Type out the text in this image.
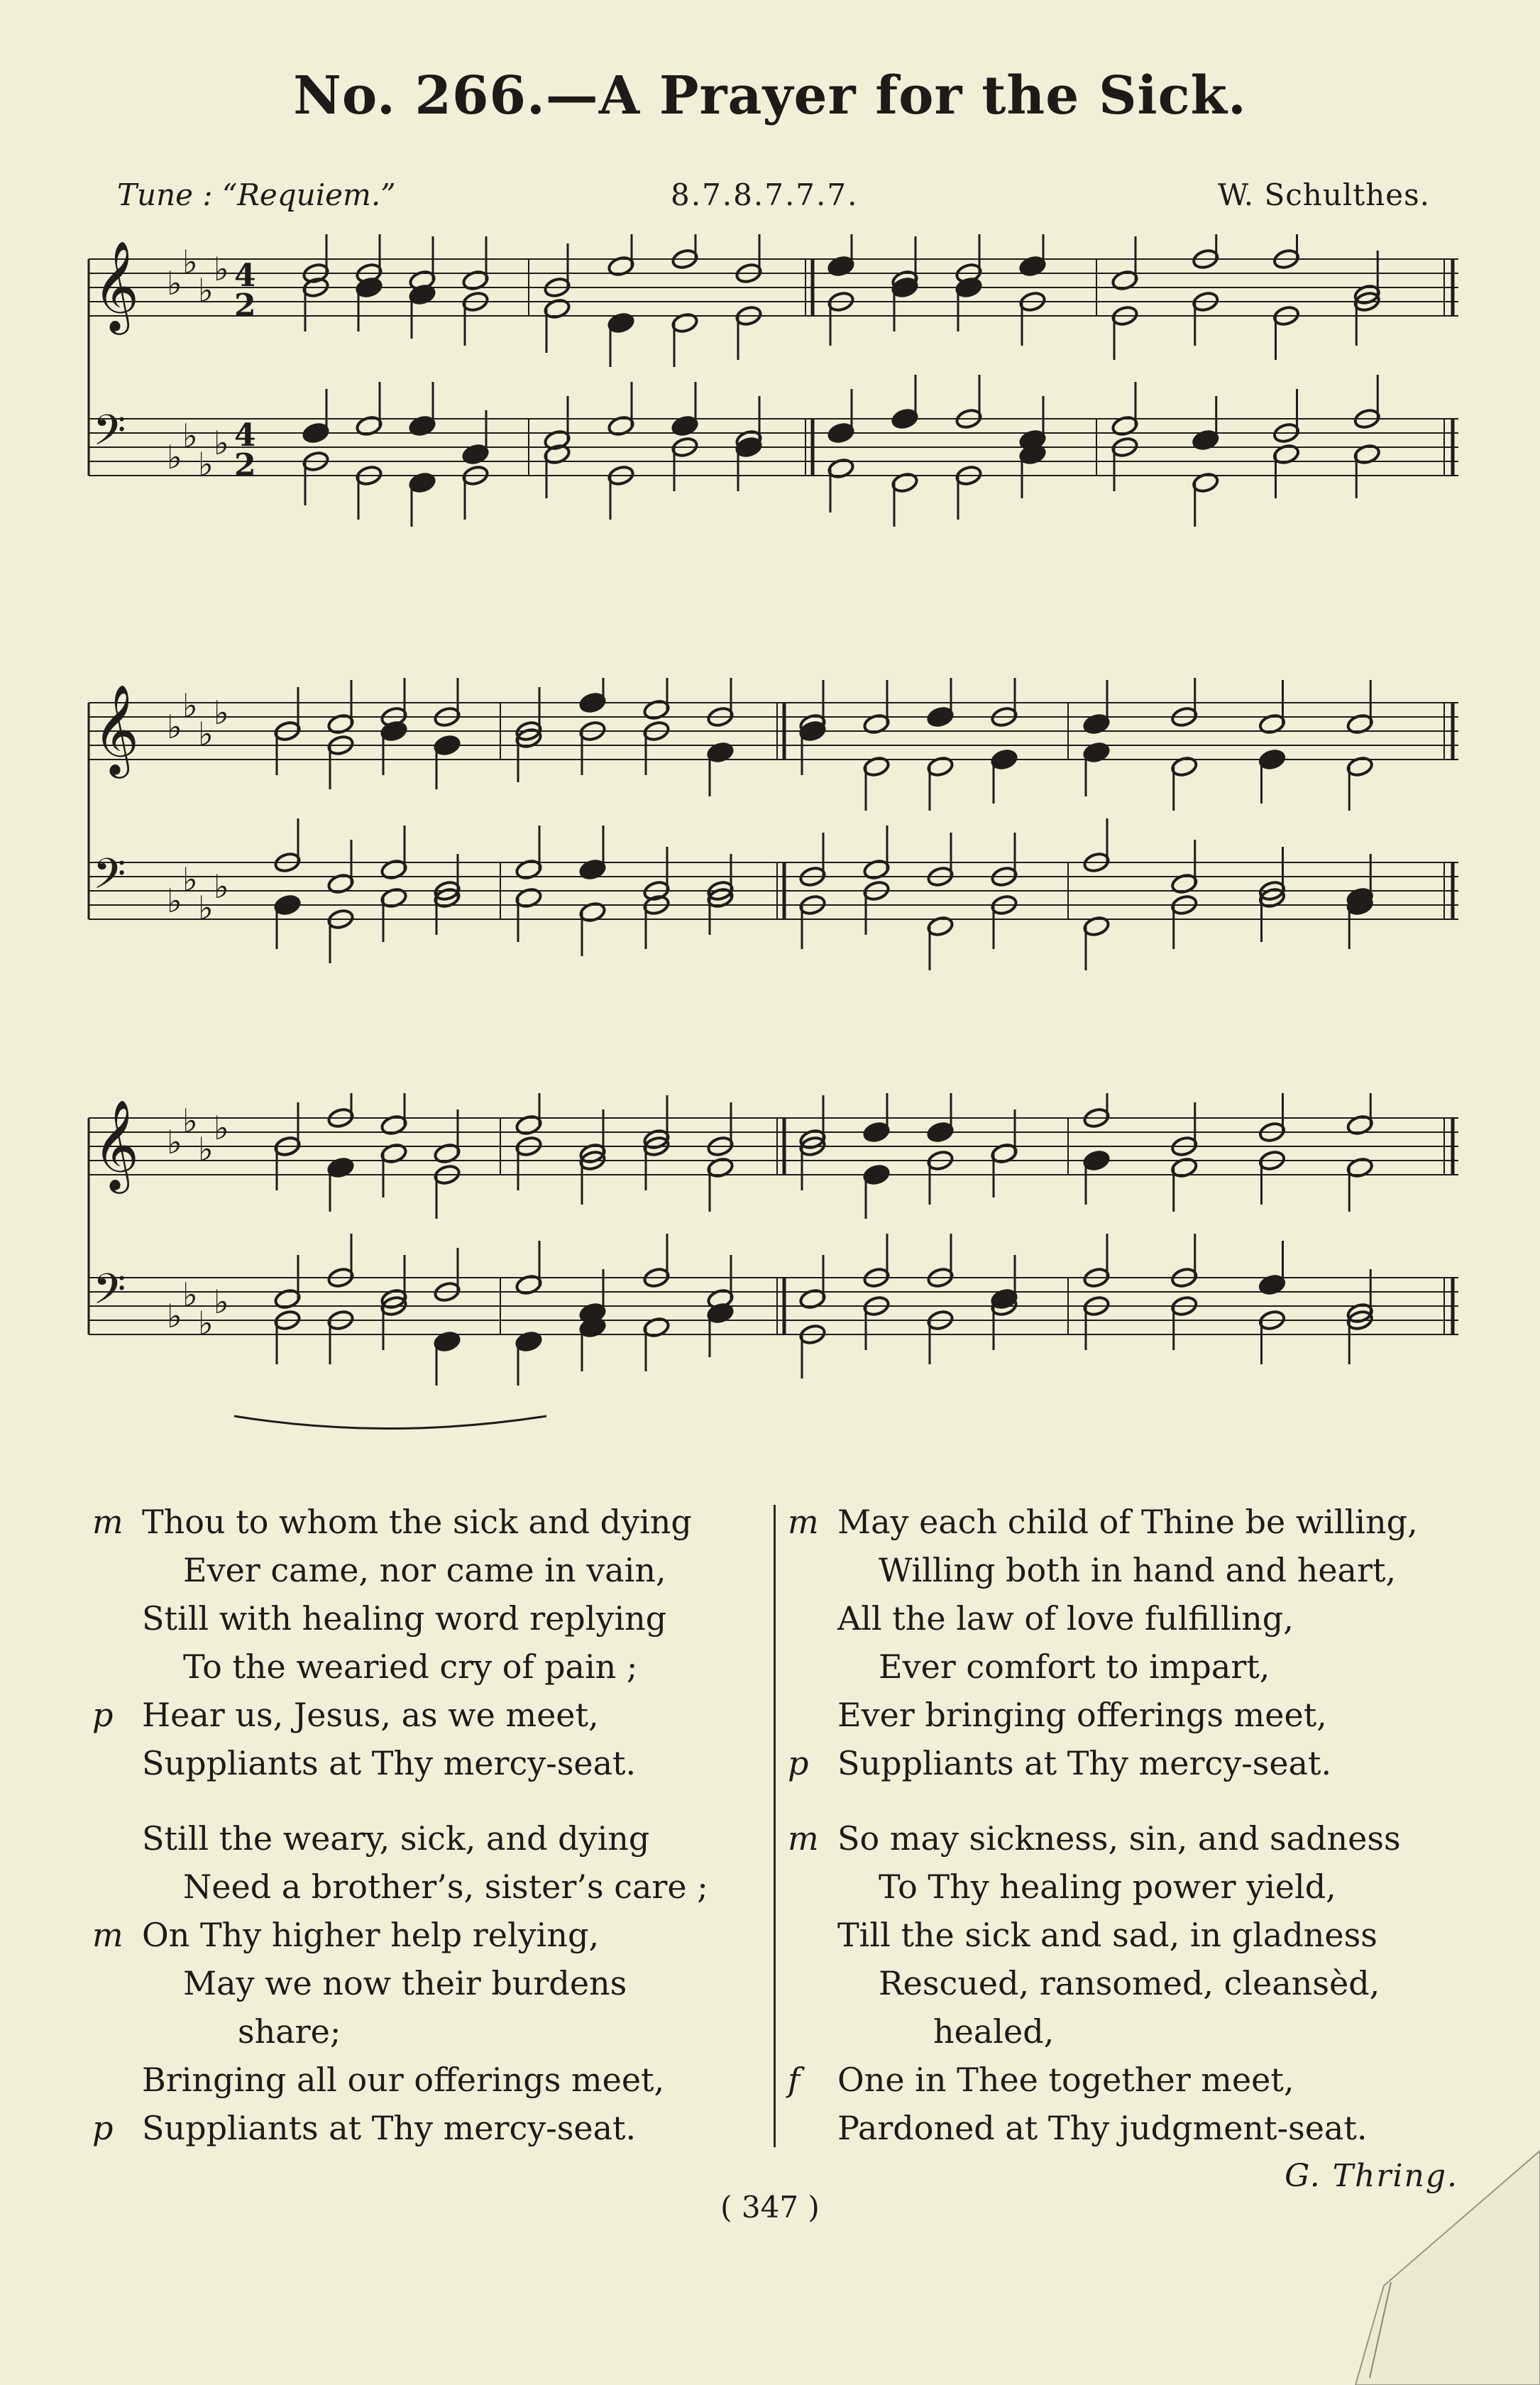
No. 266.—A Prayer for the Sick.
Tune : “Requiem.”	8.7.8.7.7.7.	W. Schulthes.
𝄞 ♭
♭
♭
♭ 4
2
𝄢 ♭
♭
♭
♭ 4
2
𝄞 ♭
♭
♭
♭
𝄢 ♭
♭
♭
♭
𝄞 ♭
♭
♭
♭
𝄢 ♭
♭
♭
♭
m Thou to whom the sick and dying
Ever came, nor came in vain,
Still with healing word replying
To the wearied cry of pain ;
p Hear us, Jesus, as we meet,
Suppliants at Thy mercy-seat.
Still the weary, sick, and dying
Need a brother’s, sister’s care ;
m On Thy higher help relying,
May we now their burdens
share;
Bringing all our offerings meet,
p Suppliants at Thy mercy-seat.
m May each child of Thine be willing,
Willing both in hand and heart,
All the law of love fulfilling,
Ever comfort to impart,
Ever bringing offerings meet,
p Suppliants at Thy mercy-seat.
m So may sickness, sin, and sadness
To Thy healing power yield,
Till the sick and sad, in gladness
Rescued, ransomed, cleansèd,
healed,
f	One in Thee together meet,
Pardoned at Thy judgment-seat.
G. Thring.
( 347 )
